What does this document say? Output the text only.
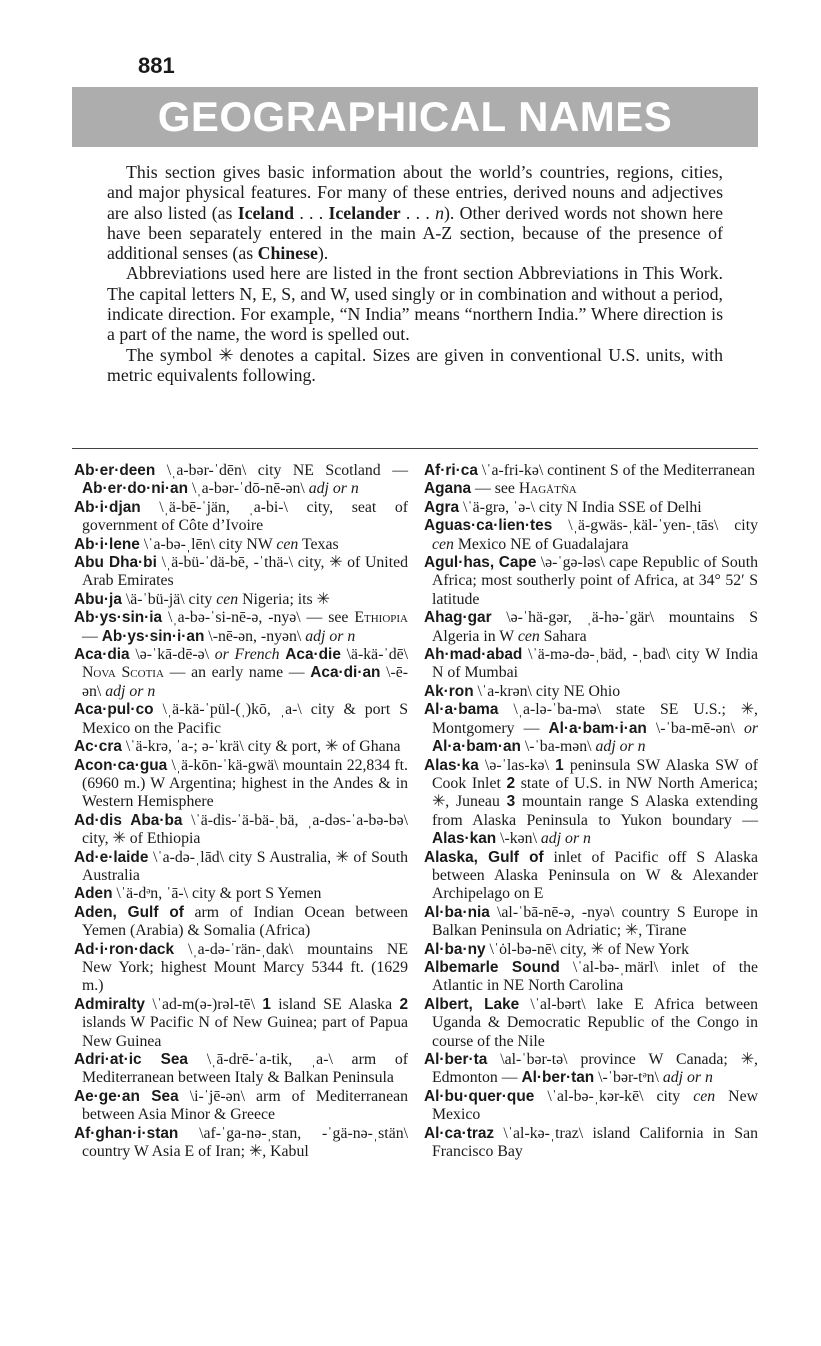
881
GEOGRAPHICAL NAMES

This section gives basic information about the world’s countries, regions, cities, and major physical features. For many of these entries, derived nouns and adjectives are also listed (as Iceland . . . Icelander . . . n). Other derived words not shown here have been separately entered in the main A-Z section, because of the presence of additional senses (as Chinese).

Abbreviations used here are listed in the front section Abbreviations in This Work. The capital letters N, E, S, and W, used singly or in combination and without a period, indicate direction. For example, “N India” means “northern India.” Where direction is a part of the name, the word is spelled out.

The symbol ✳ denotes a capital. Sizes are given in conventional U.S. units, with metric equivalents following.

Ab·er·deen \ˌa-bər-ˈdēn\ city NE Scotland — Ab·er·do·ni·an \ˌa-bər-ˈdō-nē-ən\ adj or n

Ab·i·djan \ˌä-bē-ˈjän, ˌa-bi-\ city, seat of government of Côte d’Ivoire

Ab·i·lene \ˈa-bə-ˌlēn\ city NW cen Texas

Abu Dha·bi \ˌä-bü-ˈdä-bē, -ˈthä-\ city, ✳ of United Arab Emirates

Abu·ja \ä-ˈbü-jä\ city cen Nigeria; its ✳

Ab·ys·sin·ia \ˌa-bə-ˈsi-nē-ə, -nyə\ — see Ethiopia — Ab·ys·sin·i·an \-nē-ən, -nyən\ adj or n

Aca·dia \ə-ˈkā-dē-ə\ or French Aca·die \ä-kä-ˈdē\ Nova Scotia — an early name — Aca·di·an \-ē-ən\ adj or n

Aca·pul·co \ˌä-kä-ˈpül-(ˌ)kō, ˌa-\ city & port S Mexico on the Pacific

Ac·cra \ˈä-krə, ˈa-; ə-ˈkrä\ city & port, ✳ of Ghana

Acon·ca·gua \ˌä-kōn-ˈkä-gwä\ mountain 22,834 ft. (6960 m.) W Argentina; highest in the Andes & in Western Hemisphere

Ad·dis Aba·ba \ˈä-dis-ˈä-bä-ˌbä, ˌa-dəs-ˈa-bə-bə\ city, ✳ of Ethiopia

Ad·e·laide \ˈa-də-ˌlād\ city S Australia, ✳ of South Australia

Aden \ˈä-dᵊn, ˈā-\ city & port S Yemen

Aden, Gulf of arm of Indian Ocean between Yemen (Arabia) & Somalia (Africa)

Ad·i·ron·dack \ˌa-də-ˈrän-ˌdak\ mountains NE New York; highest Mount Marcy 5344 ft. (1629 m.)

Admiralty \ˈad-m(ə-)rəl-tē\ 1 island SE Alaska 2 islands W Pacific N of New Guinea; part of Papua New Guinea

Adri·at·ic Sea \ˌā-drē-ˈa-tik, ˌa-\ arm of Mediterranean between Italy & Balkan Peninsula

Ae·ge·an Sea \i-ˈjē-ən\ arm of Mediterranean between Asia Minor & Greece

Af·ghan·i·stan \af-ˈga-nə-ˌstan, -ˈgä-nə-ˌstän\ country W Asia E of Iran; ✳, Kabul

Af·ri·ca \ˈa-fri-kə\ continent S of the Mediterranean

Agana — see Hagåtña

Agra \ˈä-grə, ˈə-\ city N India SSE of Delhi

Aguas·ca·lien·tes \ˌä-gwäs-ˌkäl-ˈyen-ˌtās\ city cen Mexico NE of Guadalajara

Agul·has, Cape \ə-ˈgə-ləs\ cape Republic of South Africa; most southerly point of Africa, at 34° 52′ S latitude

Ahag·gar \ə-ˈhä-gər, ˌä-hə-ˈgär\ mountains S Algeria in W cen Sahara

Ah·mad·abad \ˈä-mə-də-ˌbäd, -ˌbad\ city W India N of Mumbai

Ak·ron \ˈa-krən\ city NE Ohio

Al·a·bama \ˌa-lə-ˈba-mə\ state SE U.S.; ✳, Montgomery — Al·a·bam·i·an \-ˈba-mē-ən\ or Al·a·bam·an \-ˈba-mən\ adj or n

Alas·ka \ə-ˈlas-kə\ 1 peninsula SW Alaska SW of Cook Inlet 2 state of U.S. in NW North America; ✳, Juneau 3 mountain range S Alaska extending from Alaska Peninsula to Yukon boundary — Alas·kan \-kən\ adj or n

Alaska, Gulf of inlet of Pacific off S Alaska between Alaska Peninsula on W & Alexander Archipelago on E

Al·ba·nia \al-ˈbā-nē-ə, -nyə\ country S Europe in Balkan Peninsula on Adriatic; ✳, Tirane

Al·ba·ny \ˈȯl-bə-nē\ city, ✳ of New York

Albemarle Sound \ˈal-bə-ˌmärl\ inlet of the Atlantic in NE North Carolina

Albert, Lake \ˈal-bərt\ lake E Africa between Uganda & Democratic Republic of the Congo in course of the Nile

Al·ber·ta \al-ˈbər-tə\ province W Canada; ✳, Edmonton — Al·ber·tan \-ˈbər-tᵊn\ adj or n

Al·bu·quer·que \ˈal-bə-ˌkər-kē\ city cen New Mexico

Al·ca·traz \ˈal-kə-ˌtraz\ island California in San Francisco Bay
